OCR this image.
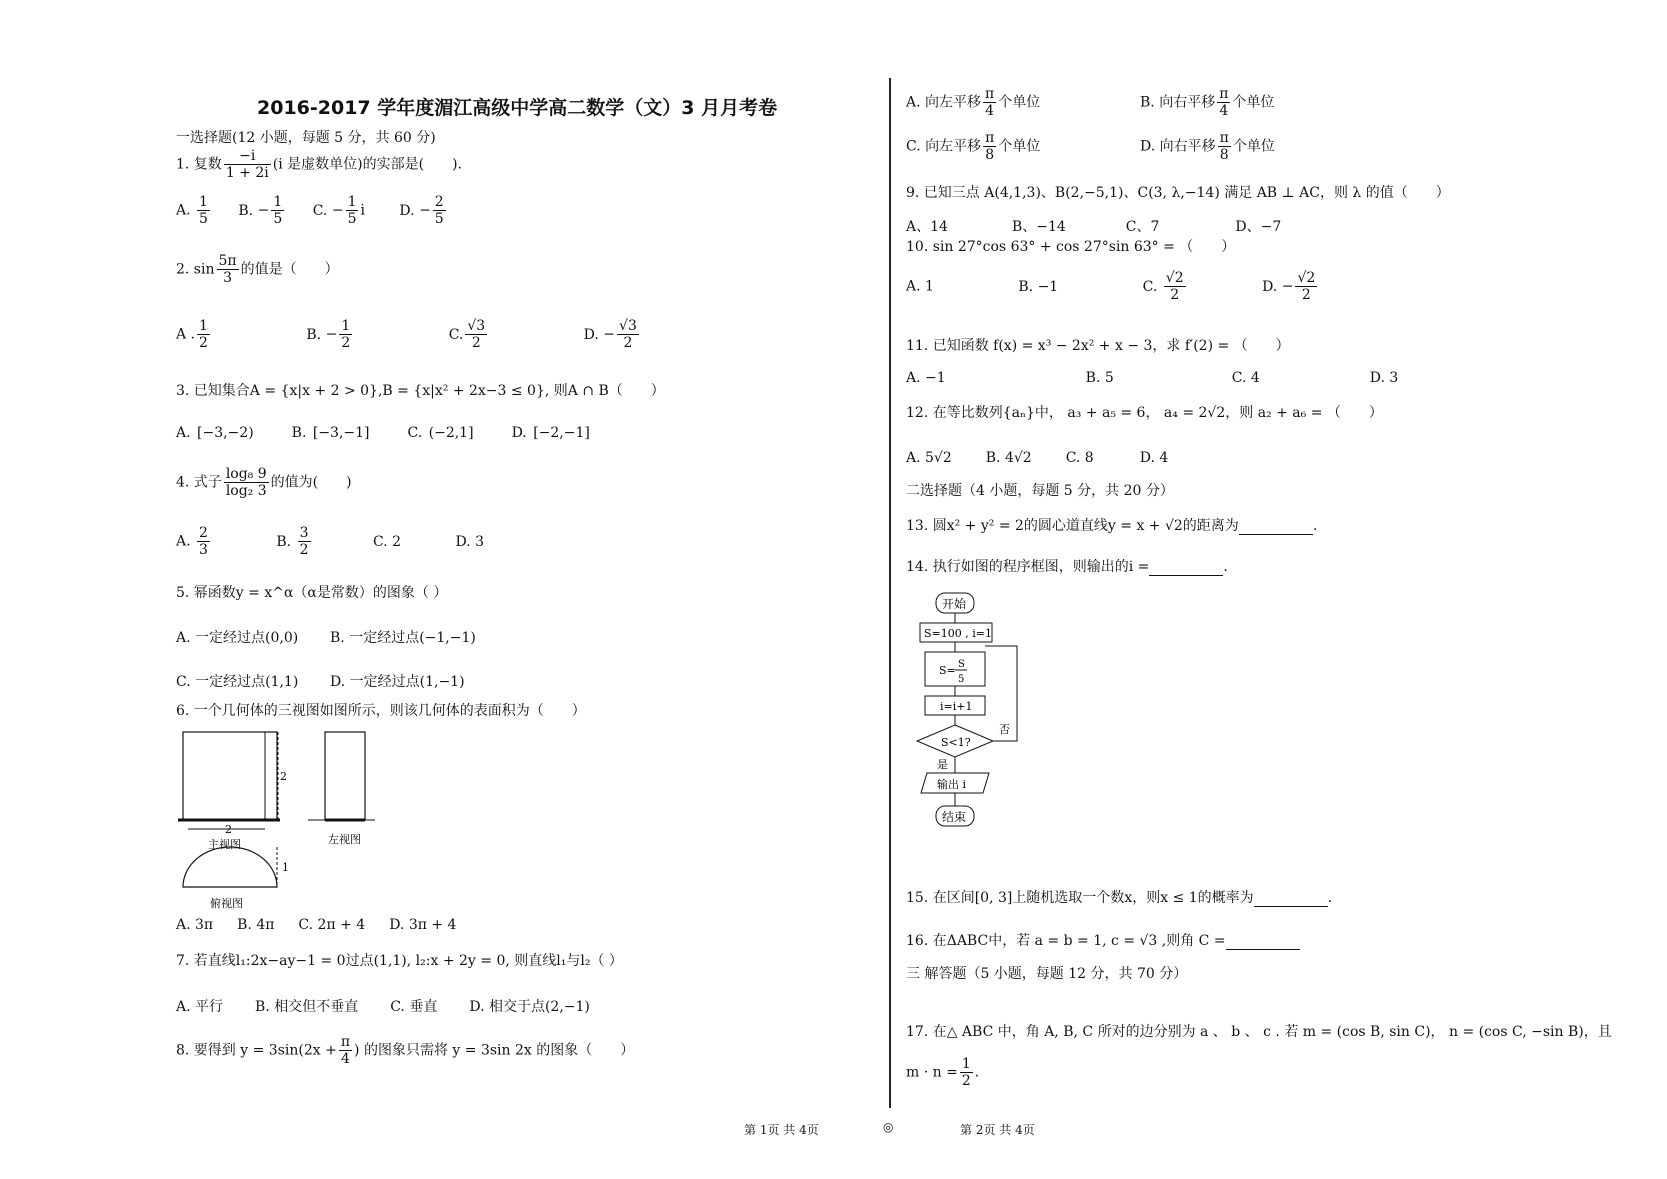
2016-2017 学年度湄江高级中学高二数学（文）3 月月考卷
一选择题(12 小题，每题 5 分，共 60 分)
1. 复数 $\frac{-i}{1 + 2i} (i$ 是虚数单位)的实部是(　　).
A. $\frac{1}{5} B$. − $\frac{1}{5} C$. − $\frac{1}{5}$ i D. − $\frac{2}{5}$
2. $\sin \frac{5\pi}{3}$ 的值是（　　）
A . $\frac{1}{2}$	B. − $\frac{1}{2}$	C. $\frac{√3}{2}$	D. − $\frac{√3}{2}$
3. 已知集合A = {x|x + 2 > 0},B = {x|x² + 2x−3 ≤ 0}, 则A ∩ B（　　）
A. [−3,−2)	B. [−3,−1]	C. (−2,1]	D. [−2,−1]
4. 式子 $\frac{\text{log₈ 9}}{\text{log₂ 3}}$ 的值为(　　)
A. $\frac{2}{3}$	B. $\frac{3}{2}$	C. 2	D. 3
5. 幂函数y = x^α（α是常数）的图象（ ）
A. 一定经过点(0,0) B. 一定经过点(−1,−1)
C. 一定经过点(1,1) D. 一定经过点(1,−1)
6. 一个几何体的三视图如图所示，则该几何体的表面积为（　　）
2
2
主视图	左视图
1
俯视图
A. 3π B. 4π C. 2π + 4 D. 3π + 4
7. 若直线l₁:2x−ay−1 = 0过点(1,1), l₂:x + 2y = 0, 则直线l₁与l₂（ ）
A. 平行 B. 相交但不垂直 C. 垂直 D. 相交于点(2,−1)
8. 要得到 $y = 3\sin(2x + \frac{\pi}{4}$ ) 的图象只需将 y = 3sin 2x 的图象（　　）
A. 向左平移 $\frac{\pi}{4}$ 个单位	B. 向右平移 $\frac{\pi}{4}$ 个单位
C. 向左平移 $\frac{\pi}{8}$ 个单位	D. 向右平移 $\frac{\pi}{8}$ 个单位
9. 已知三点 A(4,1,3)、B(2,−5,1)、C(3, λ,−14) 满足 AB ⊥ AC，则 λ 的值（　　）
A、14	B、−14	C、7	D、−7
10. sin 27°cos 63° + cos 27°sin 63° = （　　）
A. 1	B. −1	C. $\frac{√2}{2}$	D. − $\frac{√2}{2}$
11. 已知函数 f(x) = x³ − 2x² + x − 3，求 f′(2) = （　　）
A. −1	B. 5	C. 4	D. 3
12. 在等比数列{aₙ}中， a₃ + a₅ = 6， a₄ = 2√2，则 a₂ + a₆ = （　　）
A. 5√2 B. 4√2 C. 8	D. 4
二选择题（4 小题，每题 5 分，共 20 分）
13. 圆x² + y² = 2的圆心道直线y = x + √2的距离为	.
14. 执行如图的程序框图，则输出的i =	.
开始
S=100 , i=1
S= S
5
i=i+1
S<1?
否
是
输出 i
结束
15. 在区间[0, 3]上随机选取一个数x，则x ≤ 1的概率为	.
16. 在ΔABC中，若 a = b = 1, c = √3 ,则角 C =
三 解答题（5 小题，每题 12 分，共 70 分）
17. 在△ ABC 中，角 A, B, C 所对的边分别为 a 、 b 、 c . 若 m = (cos B, sin C)， n = (cos C, −sin B)，且
$m \cdot n = \frac{1}{2}$ .
第 1页 共 4页	◎	第 2页 共 4页
